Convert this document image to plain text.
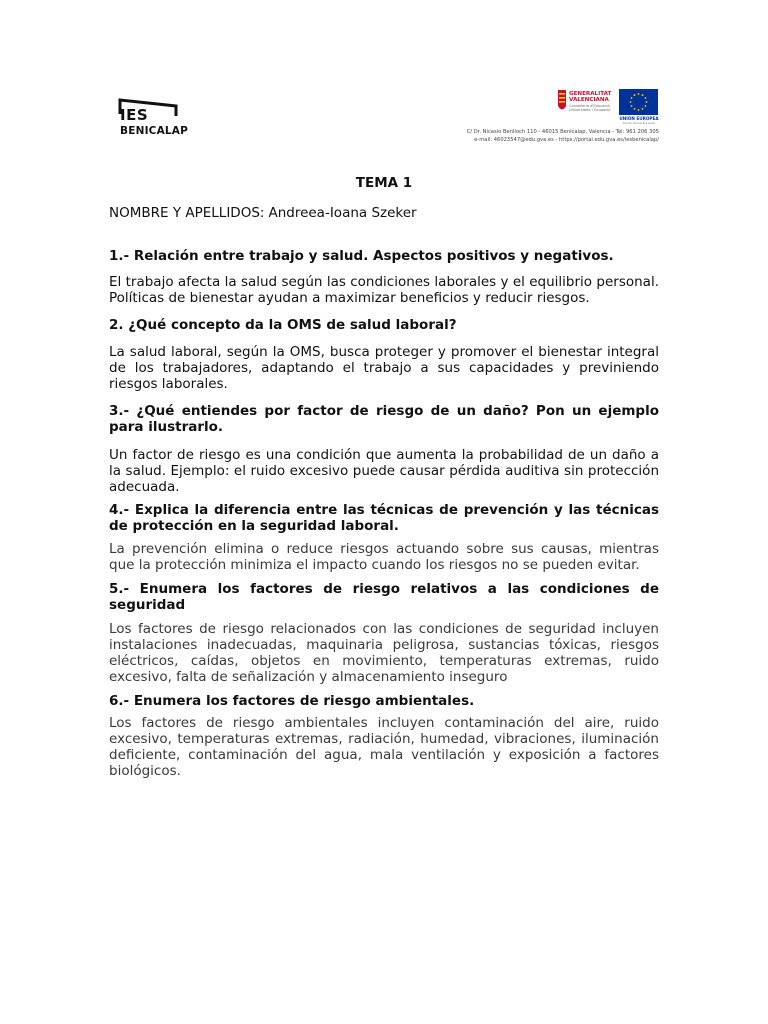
IES
BENICALAP
GENERALITAT VALENCIANA
Conselleria d'Educació, Universitats i Ocupació
UNIÓN EUROPEA
Fondo Social Europeo
C/ Dr. Nicasio Benlloch 110 - 46015 Benicalap, Valencia - Tel: 961 206 305
e-mail: 46023547@edu.gva.es - https://portal.edu.gva.es/iesbenicalap/

TEMA 1

NOMBRE Y APELLIDOS: Andreea-Ioana Szeker

1.- Relación entre trabajo y salud. Aspectos positivos y negativos.

El trabajo afecta la salud según las condiciones laborales y el equilibrio personal. Políticas de bienestar ayudan a maximizar beneficios y reducir riesgos.

2. ¿Qué concepto da la OMS de salud laboral?

La salud laboral, según la OMS, busca proteger y promover el bienestar integral de los trabajadores, adaptando el trabajo a sus capacidades y previniendo riesgos laborales.

3.- ¿Qué entiendes por factor de riesgo de un daño? Pon un ejemplo para ilustrarlo.

Un factor de riesgo es una condición que aumenta la probabilidad de un daño a la salud. Ejemplo: el ruido excesivo puede causar pérdida auditiva sin protección adecuada.

4.- Explica la diferencia entre las técnicas de prevención y las técnicas de protección en la seguridad laboral.

La prevención elimina o reduce riesgos actuando sobre sus causas, mientras que la protección minimiza el impacto cuando los riesgos no se pueden evitar.

5.- Enumera los factores de riesgo relativos a las condiciones de seguridad

Los factores de riesgo relacionados con las condiciones de seguridad incluyen instalaciones inadecuadas, maquinaria peligrosa, sustancias tóxicas, riesgos eléctricos, caídas, objetos en movimiento, temperaturas extremas, ruido excesivo, falta de señalización y almacenamiento inseguro

6.- Enumera los factores de riesgo ambientales.

Los factores de riesgo ambientales incluyen contaminación del aire, ruido excesivo, temperaturas extremas, radiación, humedad, vibraciones, iluminación deficiente, contaminación del agua, mala ventilación y exposición a factores biológicos.
